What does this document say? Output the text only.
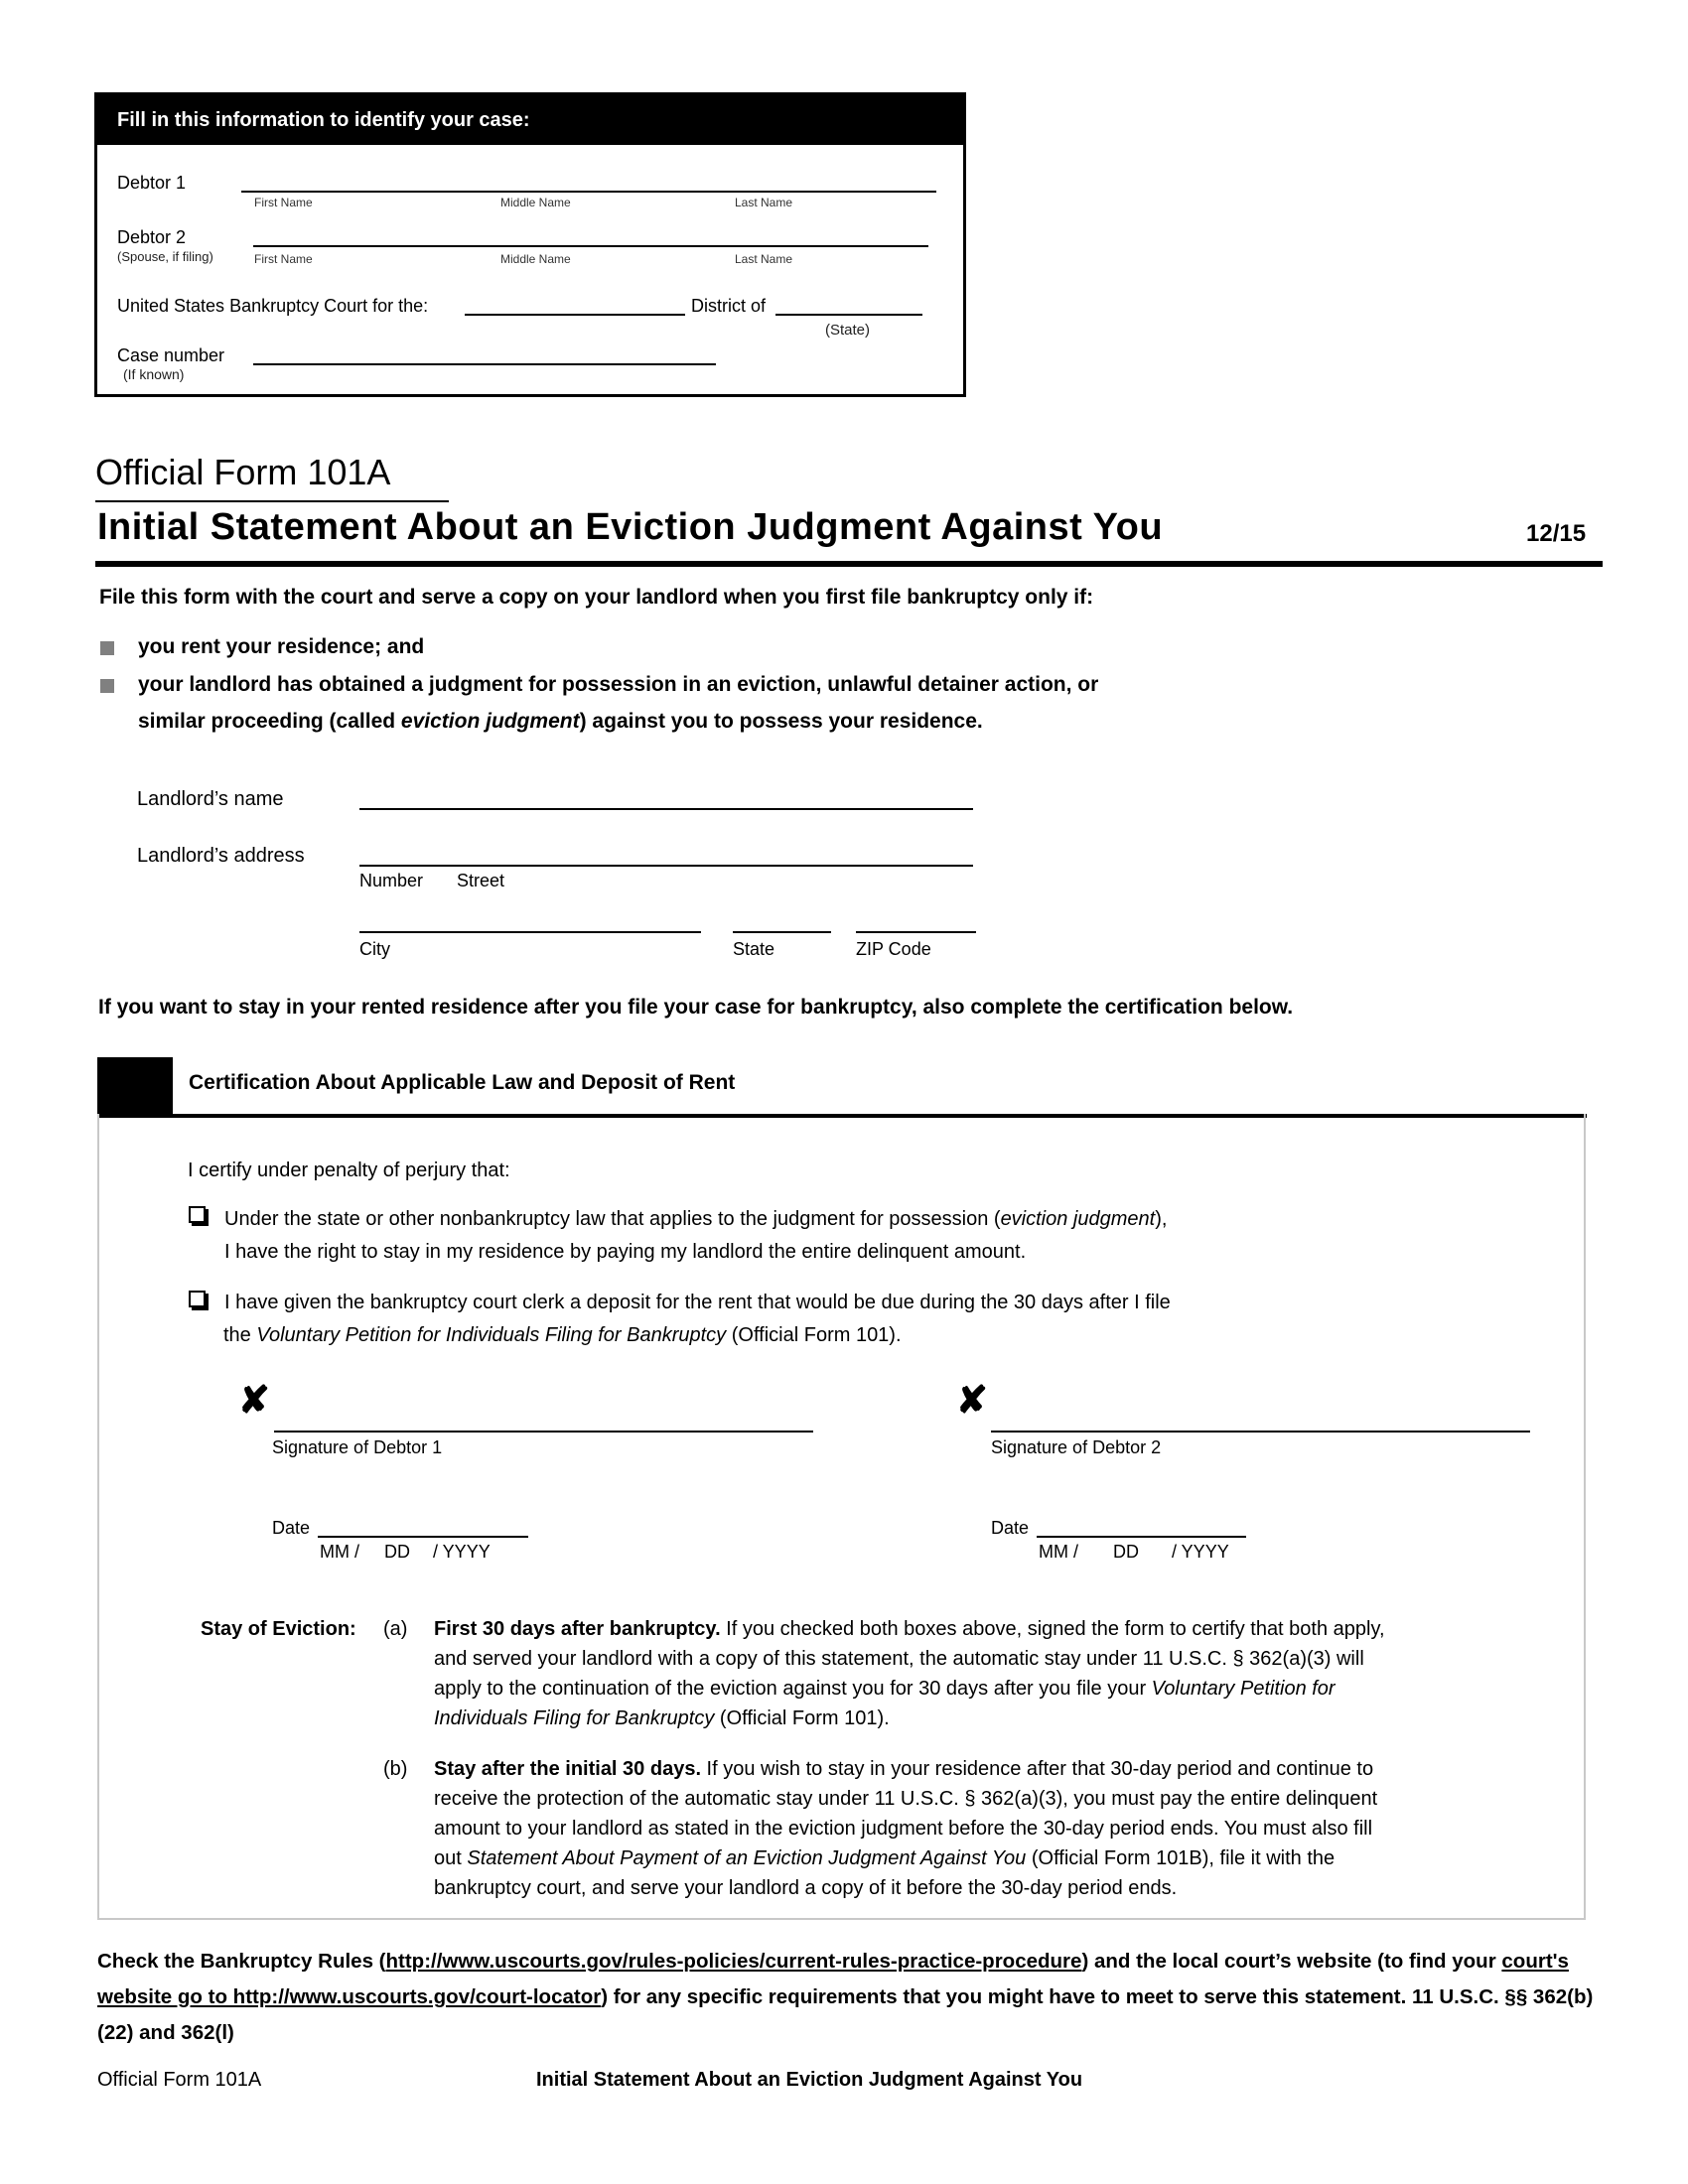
Fill in this information to identify your case:
Debtor 1
First Name	Middle Name	Last Name
Debtor 2
(Spouse, if filing)	First Name	Middle Name	Last Name
United States Bankruptcy Court for the:	District of
(State)
Case number
(If known)
Official Form 101A
Initial Statement About an Eviction Judgment Against You	12/15
File this form with the court and serve a copy on your landlord when you first file bankruptcy only if:
you rent your residence; and
your landlord has obtained a judgment for possession in an eviction, unlawful detainer action, or
similar proceeding (called eviction judgment) against you to possess your residence.
Landlord’s name
Landlord’s address
Number Street
City	State	ZIP Code
If you want to stay in your rented residence after you file your case for bankruptcy, also complete the certification below.
Certification About Applicable Law and Deposit of Rent
I certify under penalty of perjury that:
Under the state or other nonbankruptcy law that applies to the judgment for possession (eviction judgment),
I have the right to stay in my residence by paying my landlord the entire delinquent amount.
I have given the bankruptcy court clerk a deposit for the rent that would be due during the 30 days after I file
the Voluntary Petition for Individuals Filing for Bankruptcy (Official Form 101).
✘
Signature of Debtor 1
✘
Signature of Debtor 2
Date
MM / DD / YYYY
Date
MM / DD / YYYY
Stay of Eviction: (a) First 30 days after bankruptcy. If you checked both boxes above, signed the form to certify that both apply,
and served your landlord with a copy of this statement, the automatic stay under 11 U.S.C. § 362(a)(3) will
apply to the continuation of the eviction against you for 30 days after you file your Voluntary Petition for
Individuals Filing for Bankruptcy (Official Form 101).
(b) Stay after the initial 30 days. If you wish to stay in your residence after that 30-day period and continue to
receive the protection of the automatic stay under 11 U.S.C. § 362(a)(3), you must pay the entire delinquent
amount to your landlord as stated in the eviction judgment before the 30-day period ends. You must also fill
out Statement About Payment of an Eviction Judgment Against You (Official Form 101B), file it with the
bankruptcy court, and serve your landlord a copy of it before the 30-day period ends.
Check the Bankruptcy Rules (http://www.uscourts.gov/rules-policies/current-rules-practice-procedure) and the local court’s website (to find your court's website go to http://www.uscourts.gov/court-locator) for any specific requirements that you might have to meet to serve this statement. 11 U.S.C. §§ 362(b)(22) and 362(l)
Official Form 101A	Initial Statement About an Eviction Judgment Against You
